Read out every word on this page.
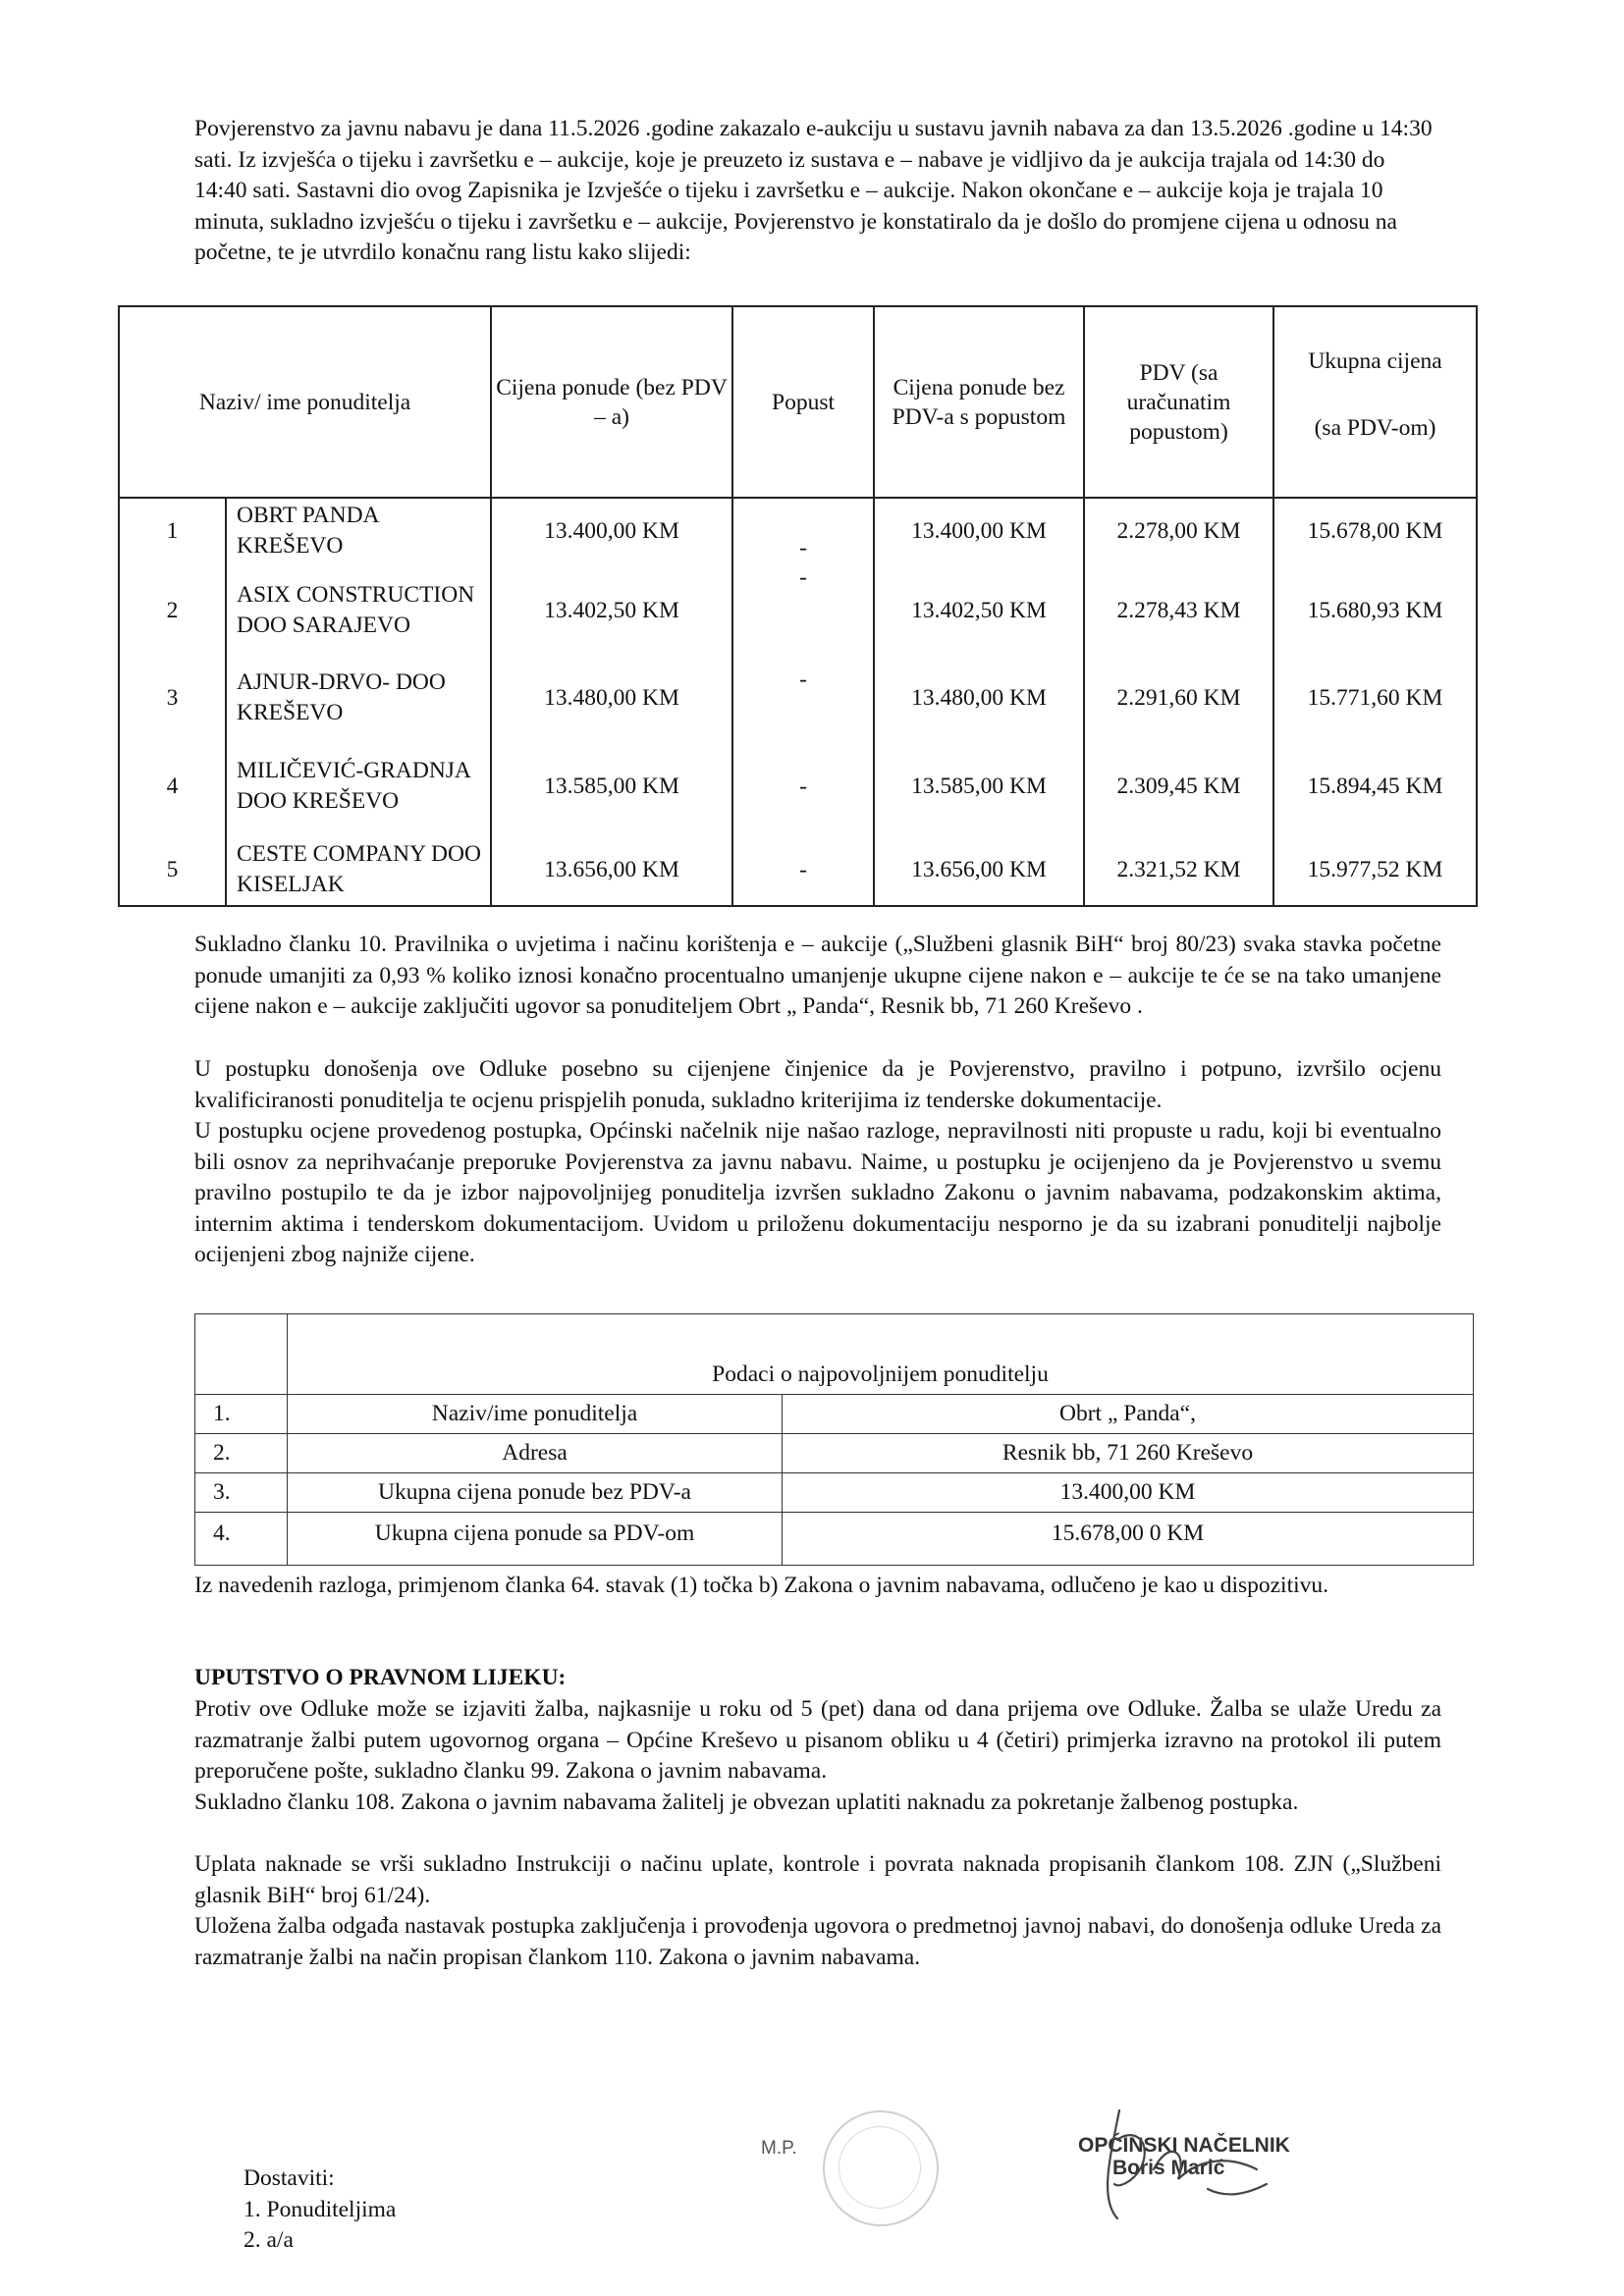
Povjerenstvo za javnu nabavu je dana 11.5.2026 .godine zakazalo e-aukciju u sustavu javnih nabava za dan 13.5.2026 .godine u 14:30 sati. Iz izvješća o tijeku i završetku e – aukcije, koje je preuzeto iz sustava e – nabave je vidljivo da je aukcija trajala od 14:30 do 14:40 sati. Sastavni dio ovog Zapisnika je Izvješće o tijeku i završetku e – aukcije. Nakon okončane e – aukcije koja je trajala 10 minuta, sukladno izvješću o tijeku i završetku e – aukcije, Povjerenstvo je konstatiralo da je došlo do promjene cijena u odnosu na početne, te je utvrdilo konačnu rang listu kako slijedi:

Naziv/ ime ponuditelja		Cijena ponude (bez PDV – a)	Popust	Cijena ponude bez PDV-a s popustom	PDV (sa uračunatim popustom)	Ukupna cijena
(sa PDV-om)

1	OBRT PANDA KREŠEVO	13.400,00 KM	-	13.400,00 KM	2.278,00 KM	15.678,00 KM
2	ASIX CONSTRUCTION DOO SARAJEVO	13.402,50 KM	-	13.402,50 KM	2.278,43 KM	15.680,93 KM
3	AJNUR-DRVO- DOO KREŠEVO	13.480,00 KM	-	13.480,00 KM	2.291,60 KM	15.771,60 KM
4	MILIČEVIĆ-GRADNJA DOO KREŠEVO	13.585,00 KM	-	13.585,00 KM	2.309,45 KM	15.894,45 KM
5	CESTE COMPANY DOO KISELJAK	13.656,00 KM	-	13.656,00 KM	2.321,52 KM	15.977,52 KM

Sukladno članku 10. Pravilnika o uvjetima i načinu korištenja e – aukcije („Službeni glasnik BiH“ broj 80/23) svaka stavka početne ponude umanjiti za 0,93 % koliko iznosi konačno procentualno umanjenje ukupne cijene nakon e – aukcije te će se na tako umanjene cijene nakon e – aukcije zaključiti ugovor sa ponuditeljem Obrt „ Panda“, Resnik bb, 71 260 Kreševo .

U postupku donošenja ove Odluke posebno su cijenjene činjenice da je Povjerenstvo, pravilno i potpuno, izvršilo ocjenu kvalificiranosti ponuditelja te ocjenu prispjelih ponuda, sukladno kriterijima iz tenderske dokumentacije.

U postupku ocjene provedenog postupka, Općinski načelnik nije našao razloge, nepravilnosti niti propuste u radu, koji bi eventualno bili osnov za neprihvaćanje preporuke Povjerenstva za javnu nabavu. Naime, u postupku je ocijenjeno da je Povjerenstvo u svemu pravilno postupilo te da je izbor najpovoljnijeg ponuditelja izvršen sukladno Zakonu o javnim nabavama, podzakonskim aktima, internim aktima i tenderskom dokumentacijom. Uvidom u priloženu dokumentaciju nesporno je da su izabrani ponuditelji najbolje ocijenjeni zbog najniže cijene.

	Podaci o najpovoljnijem ponuditelju	
1.	Naziv/ime ponuditelja	Obrt „ Panda“,
2.	Adresa	Resnik bb, 71 260 Kreševo
3.	Ukupna cijena ponude bez PDV-a	13.400,00 KM
4.	Ukupna cijena ponude sa PDV-om	15.678,00 0 KM

Iz navedenih razloga, primjenom članka 64. stavak (1) točka b) Zakona o javnim nabavama, odlučeno je kao u dispozitivu.

UPUTSTVO O PRAVNOM LIJEKU:

Protiv ove Odluke može se izjaviti žalba, najkasnije u roku od 5 (pet) dana od dana prijema ove Odluke. Žalba se ulaže Uredu za razmatranje žalbi putem ugovornog organa – Općine Kreševo u pisanom obliku u 4 (četiri) primjerka izravno na protokol ili putem preporučene pošte, sukladno članku 99. Zakona o javnim nabavama.

Sukladno članku 108. Zakona o javnim nabavama žalitelj je obvezan uplatiti naknadu za pokretanje žalbenog postupka.

Uplata naknade se vrši sukladno Instrukciji o načinu uplate, kontrole i povrata naknada propisanih člankom 108. ZJN („Službeni glasnik BiH“ broj 61/24).

Uložena žalba odgađa nastavak postupka zaključenja i provođenja ugovora o predmetnoj javnoj nabavi, do donošenja odluke Ureda za razmatranje žalbi na način propisan člankom 110. Zakona o javnim nabavama.

Dostaviti:
1. Ponuditeljima
2. a/a
M.P.	OPĆINSKI NAČELNIK
Boris Marić
